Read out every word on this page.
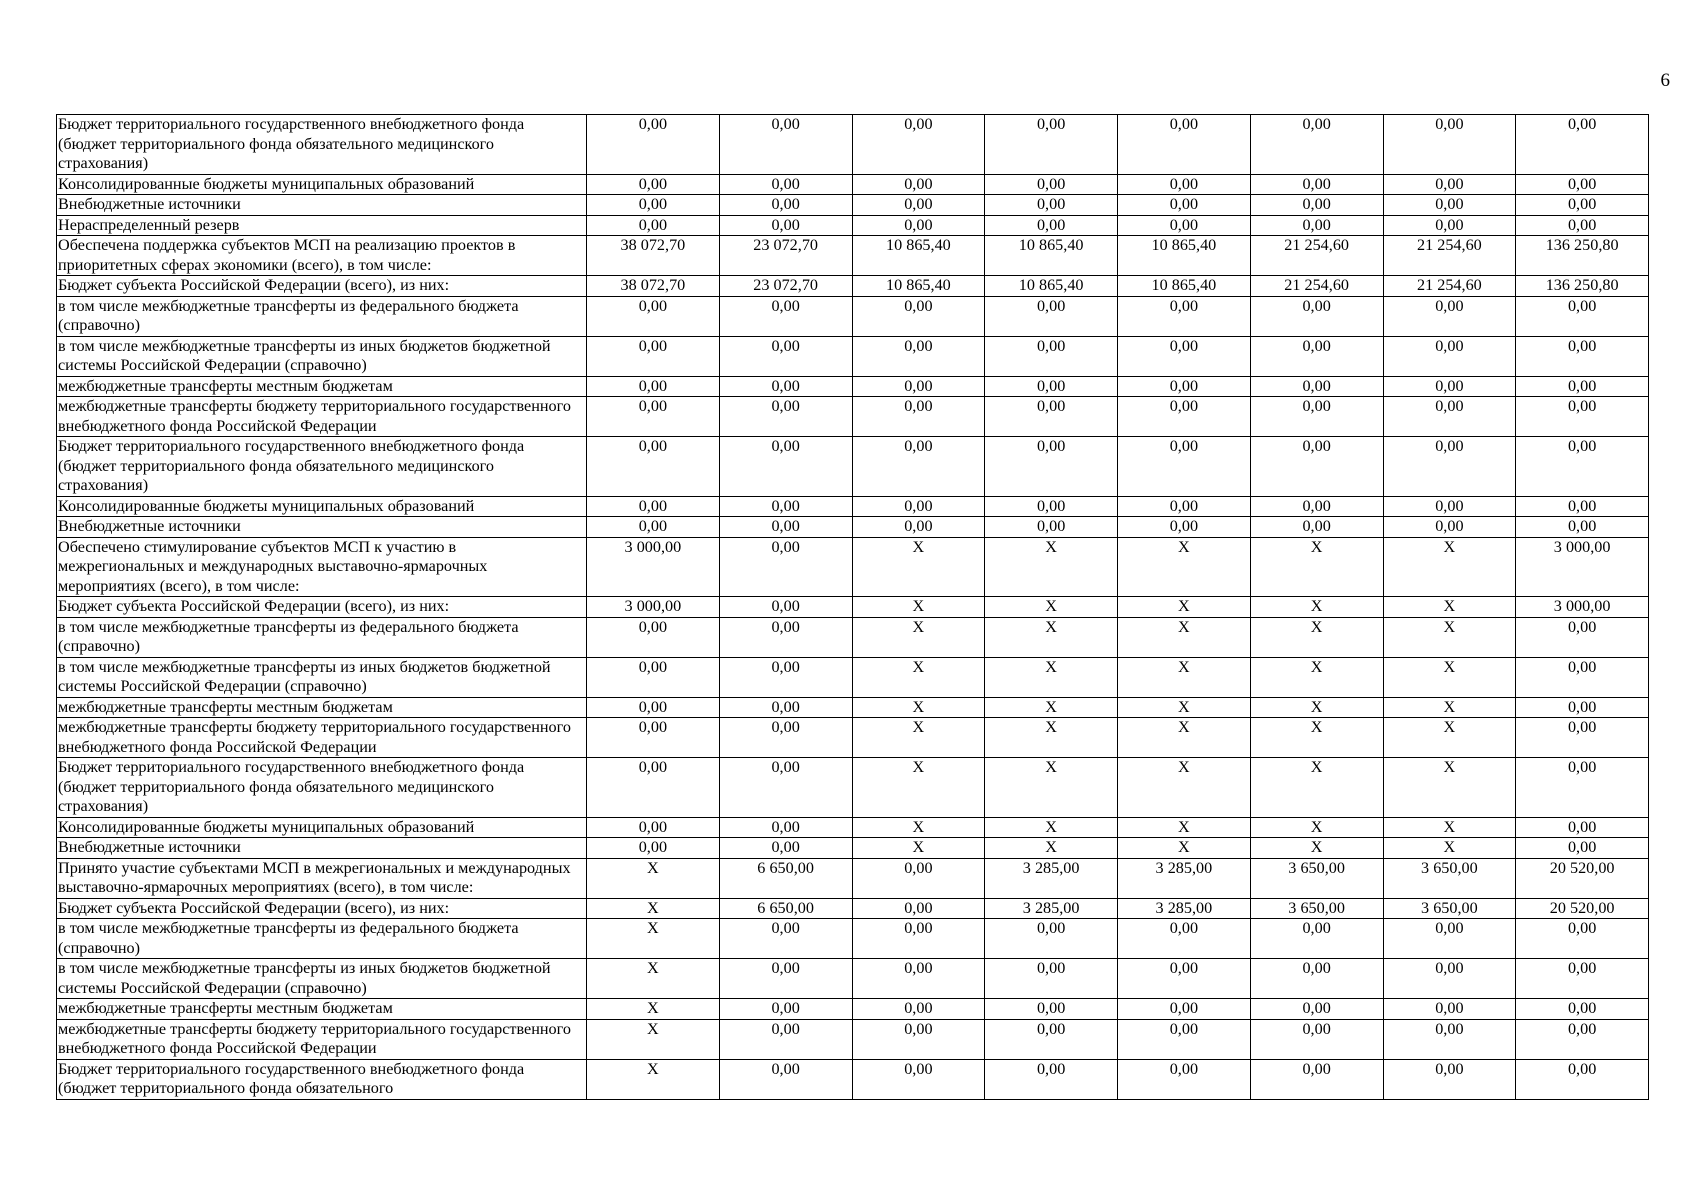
6
Бюджет территориального государственного внебюджетного фонда (бюджет территориального фонда обязательного медицинского страхования)	0,00	0,00	0,00	0,00	0,00	0,00	0,00	0,00
Консолидированные бюджеты муниципальных образований	0,00	0,00	0,00	0,00	0,00	0,00	0,00	0,00
Внебюджетные источники	0,00	0,00	0,00	0,00	0,00	0,00	0,00	0,00
Нераспределенный резерв	0,00	0,00	0,00	0,00	0,00	0,00	0,00	0,00
Обеспечена поддержка субъектов МСП на реализацию проектов в приоритетных сферах экономики (всего), в том числе:	38 072,70	23 072,70	10 865,40	10 865,40	10 865,40	21 254,60	21 254,60	136 250,80
Бюджет субъекта Российской Федерации (всего), из них:	38 072,70	23 072,70	10 865,40	10 865,40	10 865,40	21 254,60	21 254,60	136 250,80
в том числе межбюджетные трансферты из федерального бюджета (справочно)	0,00	0,00	0,00	0,00	0,00	0,00	0,00	0,00
в том числе межбюджетные трансферты из иных бюджетов бюджетной системы Российской Федерации (справочно)	0,00	0,00	0,00	0,00	0,00	0,00	0,00	0,00
межбюджетные трансферты местным бюджетам	0,00	0,00	0,00	0,00	0,00	0,00	0,00	0,00
межбюджетные трансферты бюджету территориального государственного внебюджетного фонда Российской Федерации	0,00	0,00	0,00	0,00	0,00	0,00	0,00	0,00
Бюджет территориального государственного внебюджетного фонда (бюджет территориального фонда обязательного медицинского страхования)	0,00	0,00	0,00	0,00	0,00	0,00	0,00	0,00
Консолидированные бюджеты муниципальных образований	0,00	0,00	0,00	0,00	0,00	0,00	0,00	0,00
Внебюджетные источники	0,00	0,00	0,00	0,00	0,00	0,00	0,00	0,00
Обеспечено стимулирование субъектов МСП к участию в межрегиональных и международных выставочно-ярмарочных мероприятиях (всего), в том числе:	3 000,00	0,00	X	X	X	X	X	3 000,00
Бюджет субъекта Российской Федерации (всего), из них:	3 000,00	0,00	X	X	X	X	X	3 000,00
в том числе межбюджетные трансферты из федерального бюджета (справочно)	0,00	0,00	X	X	X	X	X	0,00
в том числе межбюджетные трансферты из иных бюджетов бюджетной системы Российской Федерации (справочно)	0,00	0,00	X	X	X	X	X	0,00
межбюджетные трансферты местным бюджетам	0,00	0,00	X	X	X	X	X	0,00
межбюджетные трансферты бюджету территориального государственного внебюджетного фонда Российской Федерации	0,00	0,00	X	X	X	X	X	0,00
Бюджет территориального государственного внебюджетного фонда (бюджет территориального фонда обязательного медицинского страхования)	0,00	0,00	X	X	X	X	X	0,00
Консолидированные бюджеты муниципальных образований	0,00	0,00	X	X	X	X	X	0,00
Внебюджетные источники	0,00	0,00	X	X	X	X	X	0,00
Принято участие субъектами МСП в межрегиональных и международных выставочно-ярмарочных мероприятиях (всего), в том числе:	X	6 650,00	0,00	3 285,00	3 285,00	3 650,00	3 650,00	20 520,00
Бюджет субъекта Российской Федерации (всего), из них:	X	6 650,00	0,00	3 285,00	3 285,00	3 650,00	3 650,00	20 520,00
в том числе межбюджетные трансферты из федерального бюджета (справочно)	X	0,00	0,00	0,00	0,00	0,00	0,00	0,00
в том числе межбюджетные трансферты из иных бюджетов бюджетной системы Российской Федерации (справочно)	X	0,00	0,00	0,00	0,00	0,00	0,00	0,00
межбюджетные трансферты местным бюджетам	X	0,00	0,00	0,00	0,00	0,00	0,00	0,00
межбюджетные трансферты бюджету территориального государственного внебюджетного фонда Российской Федерации	X	0,00	0,00	0,00	0,00	0,00	0,00	0,00
Бюджет территориального государственного внебюджетного фонда (бюджет территориального фонда обязательного	X	0,00	0,00	0,00	0,00	0,00	0,00	0,00
